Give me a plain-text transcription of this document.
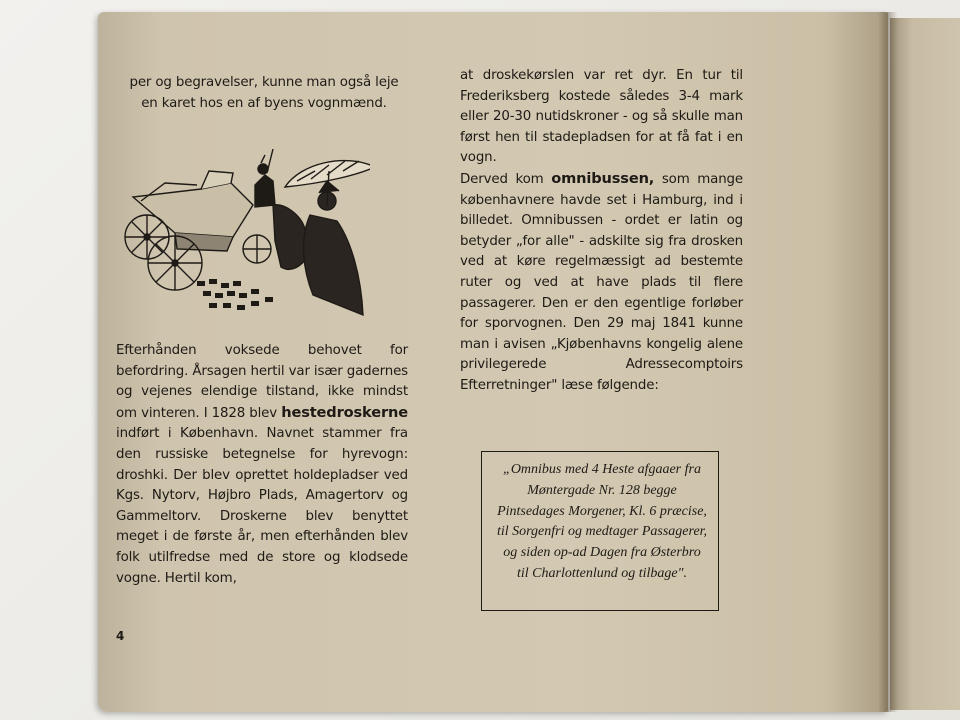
per og begravelser, kunne man også leje en karet hos en af byens vognmænd.

Efterhånden voksede behovet for befordring. Årsagen hertil var især gadernes og vejenes elendige tilstand, ikke mindst om vinteren. I 1828 blev hestedroskerne indført i København. Navnet stammer fra den russiske betegnelse for hyrevogn: droshki. Der blev oprettet holdepladser ved Kgs. Nytorv, Højbro Plads, Amagertorv og Gammeltorv. Droskerne blev benyttet meget i de første år, men efterhånden blev folk utilfredse med de store og klodsede vogne. Hertil kom,

4

at droskekørslen var ret dyr. En tur til Frederiksberg kostede således 3-4 mark eller 20-30 nutidskroner - og så skulle man først hen til stadepladsen for at få fat i en vogn.

Derved kom omnibussen, som mange københavnere havde set i Hamburg, ind i billedet. Omnibussen - ordet er latin og betyder „for alle" - adskilte sig fra drosken ved at køre regelmæssigt ad bestemte ruter og ved at have plads til flere passagerer. Den er den egentlige forløber for sporvognen. Den 29 maj 1841 kunne man i avisen „Kjøbenhavns kongelig alene privilegerede Adressecomptoirs Efterretninger" læse følgende:

„Omnibus med 4 Heste afgaaer fra Møntergade Nr. 128 begge Pintsedages Morgener, Kl. 6 præcise, til Sorgenfri og medtager Passagerer, og siden op-ad Dagen fra Østerbro til Charlottenlund og tilbage".
